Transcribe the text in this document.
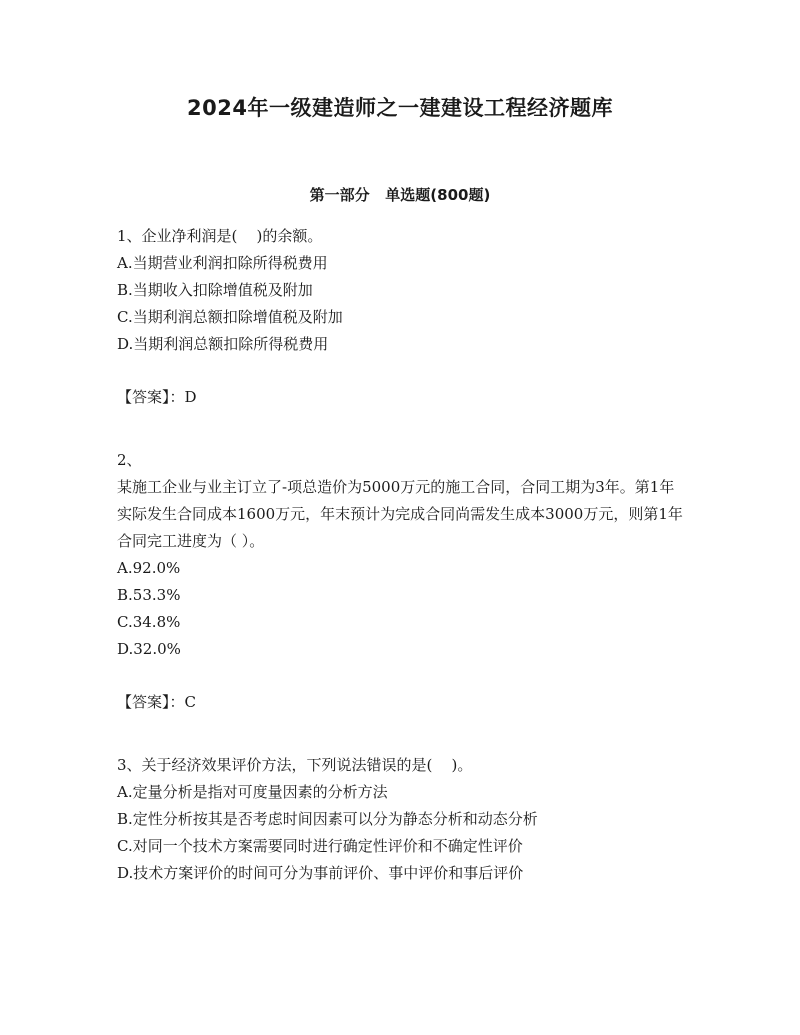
2024年一级建造师之一建建设工程经济题库
第一部分   单选题(800题)

1、企业净利润是(    )的余额。

A.当期营业利润扣除所得税费用

B.当期收入扣除增值税及附加

C.当期利润总额扣除增值税及附加

D.当期利润总额扣除所得税费用

【答案】：D

2、

某施工企业与业主订立了-项总造价为5000万元的施工合同，合同工期为3年。第1年实际发生合同成本1600万元，年末预计为完成合同尚需发生成本3000万元，则第1年合同完工进度为（ ）。

A.92.0%

B.53.3%

C.34.8%

D.32.0%

【答案】：C

3、关于经济效果评价方法，下列说法错误的是(    )。

A.定量分析是指对可度量因素的分析方法

B.定性分析按其是否考虑时间因素可以分为静态分析和动态分析

C.对同一个技术方案需要同时进行确定性评价和不确定性评价

D.技术方案评价的时间可分为事前评价、事中评价和事后评价
